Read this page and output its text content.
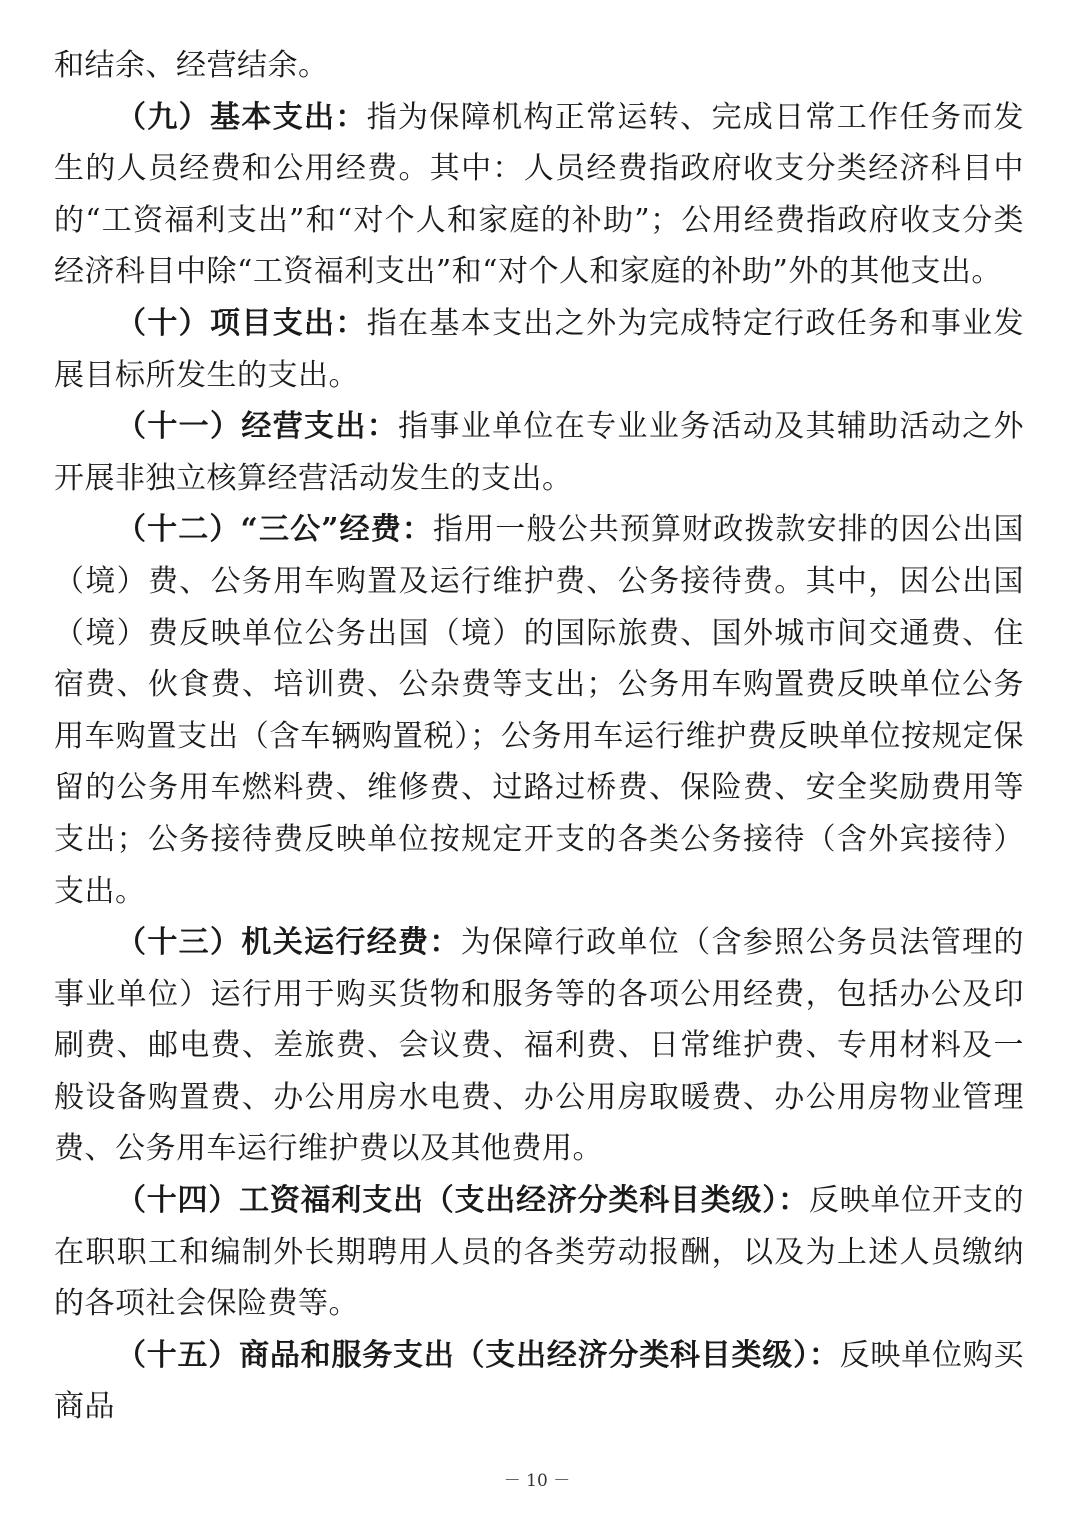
和结余、经营结余。

（九）基本支出：指为保障机构正常运转、完成日常工作任务而发生的人员经费和公用经费。其中：人员经费指政府收支分类经济科目中的“工资福利支出”和“对个人和家庭的补助”；公用经费指政府收支分类经济科目中除“工资福利支出”和“对个人和家庭的补助”外的其他支出。

（十）项目支出：指在基本支出之外为完成特定行政任务和事业发展目标所发生的支出。

（十一）经营支出：指事业单位在专业业务活动及其辅助活动之外开展非独立核算经营活动发生的支出。

（十二）“三公”经费：指用一般公共预算财政拨款安排的因公出国（境）费、公务用车购置及运行维护费、公务接待费。其中，因公出国（境）费反映单位公务出国（境）的国际旅费、国外城市间交通费、住宿费、伙食费、培训费、公杂费等支出；公务用车购置费反映单位公务用车购置支出（含车辆购置税）；公务用车运行维护费反映单位按规定保留的公务用车燃料费、维修费、过路过桥费、保险费、安全奖励费用等支出；公务接待费反映单位按规定开支的各类公务接待（含外宾接待）支出。

（十三）机关运行经费：为保障行政单位（含参照公务员法管理的事业单位）运行用于购买货物和服务等的各项公用经费，包括办公及印刷费、邮电费、差旅费、会议费、福利费、日常维护费、专用材料及一般设备购置费、办公用房水电费、办公用房取暖费、办公用房物业管理费、公务用车运行维护费以及其他费用。

（十四）工资福利支出（支出经济分类科目类级）：反映单位开支的在职职工和编制外长期聘用人员的各类劳动报酬，以及为上述人员缴纳的各项社会保险费等。

（十五）商品和服务支出（支出经济分类科目类级）：反映单位购买商品

－ 10 －
